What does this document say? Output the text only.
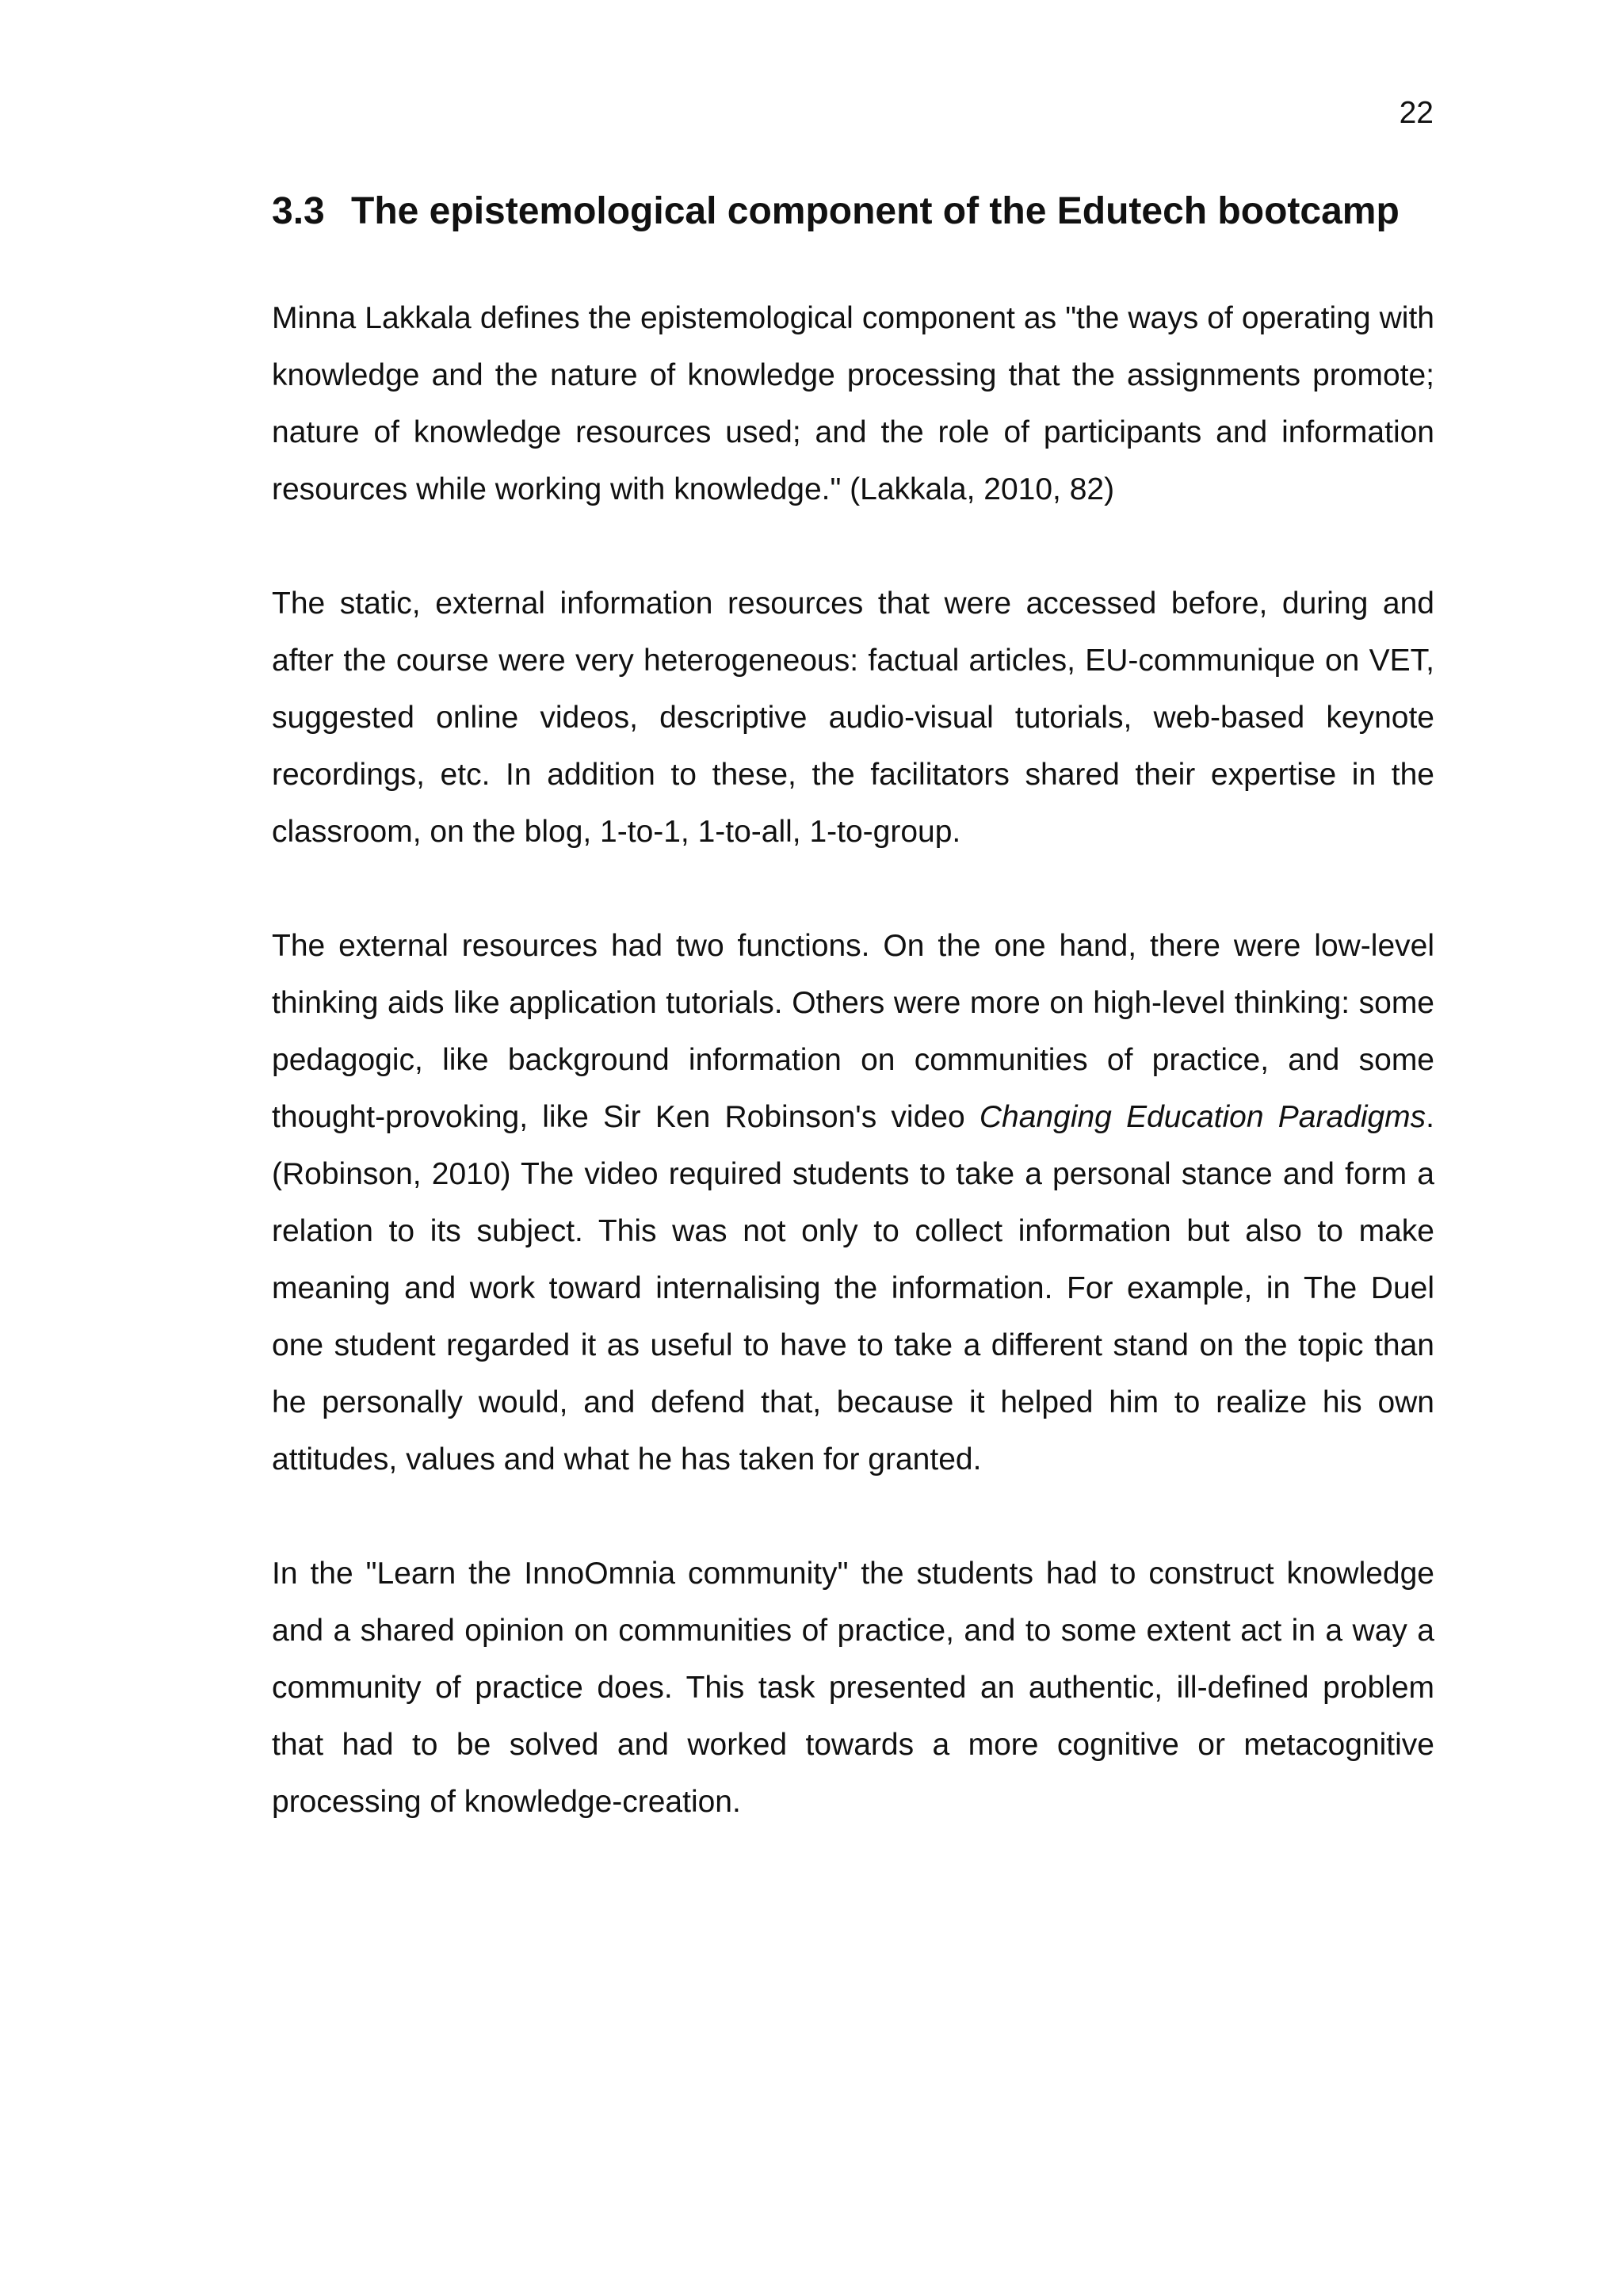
22
3.3 The epistemological component of the Edutech bootcamp

Minna Lakkala defines the epistemological component as "the ways of operating with knowledge and the nature of knowledge processing that the assignments promote; nature of knowledge resources used; and the role of participants and information resources while working with knowledge." (Lakkala, 2010, 82)

The static, external information resources that were accessed before, during and after the course were very heterogeneous: factual articles, EU-communique on VET, suggested online videos, descriptive audio-visual tutorials, web-based keynote recordings, etc. In addition to these, the facilitators shared their expertise in the classroom, on the blog, 1-to-1, 1-to-all, 1-to-group.

The external resources had two functions. On the one hand, there were low-level thinking aids like application tutorials. Others were more on high-level thinking: some pedagogic, like background information on communities of practice, and some thought-provoking, like Sir Ken Robinson's video Changing Education Paradigms. (Robinson, 2010) The video required students to take a personal stance and form a relation to its subject. This was not only to collect information but also to make meaning and work toward internalising the information. For example, in The Duel one student regarded it as useful to have to take a different stand on the topic than he personally would, and defend that, because it helped him to realize his own attitudes, values and what he has taken for granted.

In the "Learn the InnoOmnia community" the students had to construct knowledge and a shared opinion on communities of practice, and to some extent act in a way a community of practice does. This task presented an authentic, ill-defined problem that had to be solved and worked towards a more cognitive or metacognitive processing of knowledge-creation.
